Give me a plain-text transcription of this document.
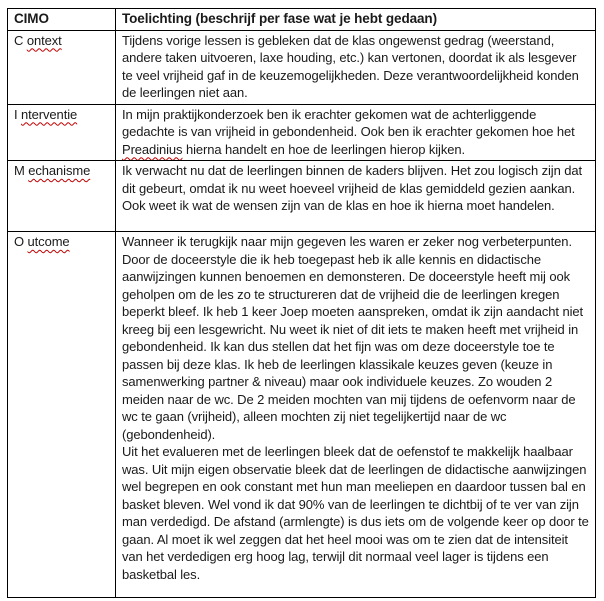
CIMO	Toelichting (beschrijf per fase wat je hebt gedaan)
C ontext	Tijdens vorige lessen is gebleken dat de klas ongewenst gedrag (weerstand, andere taken uitvoeren, laxe houding, etc.) kan vertonen, doordat ik als lesgever te veel vrijheid gaf in de keuzemogelijkheden. Deze verantwoordelijkheid konden de leerlingen niet aan.

I nterventie	In mijn praktijkonderzoek ben ik erachter gekomen wat de achterliggende gedachte is van vrijheid in gebondenheid. Ook ben ik erachter gekomen hoe het Preadinius hierna handelt en hoe de leerlingen hierop kijken.

M echanisme	Ik verwacht nu dat de leerlingen binnen de kaders blijven. Het zou logisch zijn dat dit gebeurt, omdat ik nu weet hoeveel vrijheid de klas gemiddeld gezien aankan. Ook weet ik wat de wensen zijn van de klas en hoe ik hierna moet handelen.

O utcome	Wanneer ik terugkijk naar mijn gegeven les waren er zeker nog verbeterpunten. Door de doceerstyle die ik heb toegepast heb ik alle kennis en didactische aanwijzingen kunnen benoemen en demonsteren. De doceerstyle heeft mij ook geholpen om de les zo te structureren dat de vrijheid die de leerlingen kregen beperkt bleef. Ik heb 1 keer Joep moeten aanspreken, omdat ik zijn aandacht niet kreeg bij een lesgewricht. Nu weet ik niet of dit iets te maken heeft met vrijheid in gebondenheid. Ik kan dus stellen dat het fijn was om deze doceerstyle toe te passen bij deze klas. Ik heb de leerlingen klassikale keuzes geven (keuze in samenwerking partner & niveau) maar ook individuele keuzes. Zo wouden 2 meiden naar de wc. De 2 meiden mochten van mij tijdens de oefenvorm naar de wc te gaan (vrijheid), alleen mochten zij niet tegelijkertijd naar de wc (gebondenheid).
Uit het evalueren met de leerlingen bleek dat de oefenstof te makkelijk haalbaar was. Uit mijn eigen observatie bleek dat de leerlingen de didactische aanwijzingen wel begrepen en ook constant met hun man meeliepen en daardoor tussen bal en basket bleven. Wel vond ik dat 90% van de leerlingen te dichtbij of te ver van zijn man verdedigd. De afstand (armlengte) is dus iets om de volgende keer op door te gaan. Al moet ik wel zeggen dat het heel mooi was om te zien dat de intensiteit van het verdedigen erg hoog lag, terwijl dit normaal veel lager is tijdens een basketbal les.
